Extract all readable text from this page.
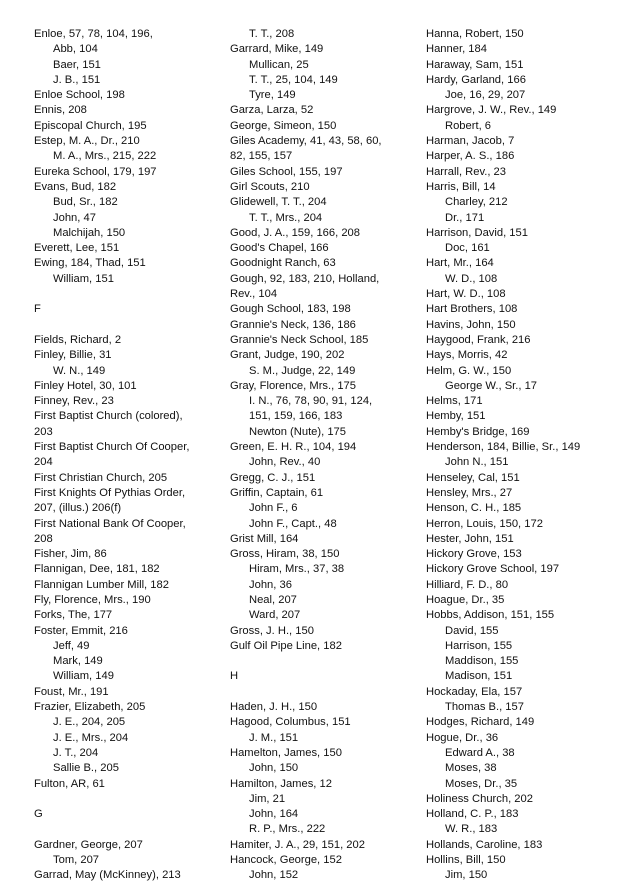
Enloe, 57, 78, 104, 196,
Abb, 104
Baer, 151
J. B., 151
Enloe School, 198
Ennis, 208
Episcopal Church, 195
Estep, M. A., Dr., 210
M. A., Mrs., 215, 222
Eureka School, 179, 197
Evans, Bud, 182
Bud, Sr., 182
John, 47
Malchijah, 150
Everett, Lee, 151
Ewing, 184, Thad, 151
William, 151
F
Fields, Richard, 2
Finley, Billie, 31
W. N., 149
Finley Hotel, 30, 101
Finney, Rev., 23
First Baptist Church (colored),
203
First Baptist Church Of Cooper,
204
First Christian Church, 205
First Knights Of Pythias Order,
207, (illus.) 206(f)
First National Bank Of Cooper,
208
Fisher, Jim, 86
Flannigan, Dee, 181, 182
Flannigan Lumber Mill, 182
Fly, Florence, Mrs., 190
Forks, The, 177
Foster, Emmit, 216
Jeff, 49
Mark, 149
William, 149
Foust, Mr., 191
Frazier, Elizabeth, 205
J. E., 204, 205
J. E., Mrs., 204
J. T., 204
Sallie B., 205
Fulton, AR, 61
G
Gardner, George, 207
Tom, 207
Garrad, May (McKinney), 213
T. T., 208
Garrard, Mike, 149
Mullican, 25
T. T., 25, 104, 149
Tyre, 149
Garza, Larza, 52
George, Simeon, 150
Giles Academy, 41, 43, 58, 60,
82, 155, 157
Giles School, 155, 197
Girl Scouts, 210
Glidewell, T. T., 204
T. T., Mrs., 204
Good, J. A., 159, 166, 208
Good's Chapel, 166
Goodnight Ranch, 63
Gough, 92, 183, 210, Holland,
Rev., 104
Gough School, 183, 198
Grannie's Neck, 136, 186
Grannie's Neck School, 185
Grant, Judge, 190, 202
S. M., Judge, 22, 149
Gray, Florence, Mrs., 175
I. N., 76, 78, 90, 91, 124,
151, 159, 166, 183
Newton (Nute), 175
Green, E. H. R., 104, 194
John, Rev., 40
Gregg, C. J., 151
Griffin, Captain, 61
John F., 6
John F., Capt., 48
Grist Mill, 164
Gross, Hiram, 38, 150
Hiram, Mrs., 37, 38
John, 36
Neal, 207
Ward, 207
Gross, J. H., 150
Gulf Oil Pipe Line, 182
H
Haden, J. H., 150
Hagood, Columbus, 151
J. M., 151
Hamelton, James, 150
John, 150
Hamilton, James, 12
Jim, 21
John, 164
R. P., Mrs., 222
Hamiter, J. A., 29, 151, 202
Hancock, George, 152
John, 152
Hanna, Robert, 150
Hanner, 184
Haraway, Sam, 151
Hardy, Garland, 166
Joe, 16, 29, 207
Hargrove, J. W., Rev., 149
Robert, 6
Harman, Jacob, 7
Harper, A. S., 186
Harrall, Rev., 23
Harris, Bill, 14
Charley, 212
Dr., 171
Harrison, David, 151
Doc, 161
Hart, Mr., 164
W. D., 108
Hart, W. D., 108
Hart Brothers, 108
Havins, John, 150
Haygood, Frank, 216
Hays, Morris, 42
Helm, G. W., 150
George W., Sr., 17
Helms, 171
Hemby, 151
Hemby's Bridge, 169
Henderson, 184, Billie, Sr., 149
John N., 151
Henseley, Cal, 151
Hensley, Mrs., 27
Henson, C. H., 185
Herron, Louis, 150, 172
Hester, John, 151
Hickory Grove, 153
Hickory Grove School, 197
Hilliard, F. D., 80
Hoague, Dr., 35
Hobbs, Addison, 151, 155
David, 155
Harrison, 155
Maddison, 155
Madison, 151
Hockaday, Ela, 157
Thomas B., 157
Hodges, Richard, 149
Hogue, Dr., 36
Edward A., 38
Moses, 38
Moses, Dr., 35
Holiness Church, 202
Holland, C. P., 183
W. R., 183
Hollands, Caroline, 183
Hollins, Bill, 150
Jim, 150
